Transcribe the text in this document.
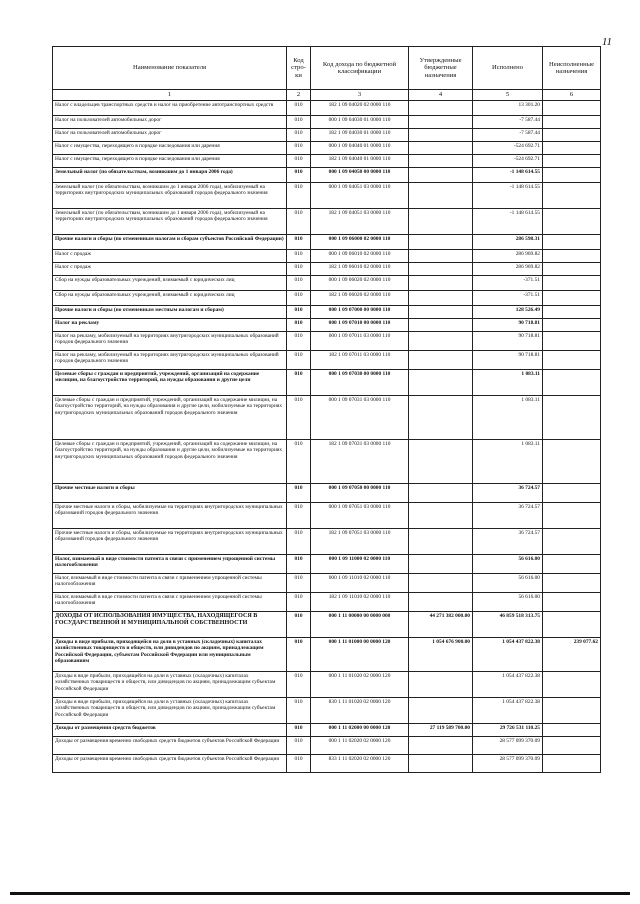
11
Наименование показателя	Код стро-ки	Код дохода по бюджетной классификации	Утвержденные бюджетные назначения	Исполнено	Неисполненные назначения
1	2	3	4	5	6
Налог с владельцев транспортных средств и налог на приобретение автотранспортных средств	010	182 1 09 04020 02 0000 110		13 301.20	
Налог на пользователей автомобильных дорог	010	000 1 09 04030 01 0000 110		-7 587.44	
Налог на пользователей автомобильных дорог	010	182 1 09 04030 01 0000 110		-7 587.44	
Налог с имущества, переходящего в порядке наследования или дарения	010	000 1 09 04040 01 0000 110		-524 692.71	
Налог с имущества, переходящего в порядке наследования или дарения	010	182 1 09 04040 01 0000 110		-524 692.71	
Земельный налог (по обязательствам, возникшим до 1 января 2006 года)	010	000 1 09 04050 00 0000 110		-1 148 614.55	
Земельный налог (по обязательствам, возникшим до 1 января 2006 года), мобилизуемый на территориях внутригородских муниципальных образований городов федерального значения	010	000 1 09 04051 03 0000 110		-1 148 614.55	
Земельный налог (по обязательствам, возникшим до 1 января 2006 года), мобилизуемый на территориях внутригородских муниципальных образований городов федерального значения	010	182 1 09 04051 03 0000 110		-1 148 614.55	
Прочие налоги и сборы (по отмененным налогам и сборам субъектов Российской Федерации)	010	000 1 09 06000 02 0000 110		286 598.31	
Налог с продаж	010	000 1 09 06010 02 0000 110		286 969.82	
Налог с продаж	010	182 1 09 06010 02 0000 110		286 969.82	
Сбор на нужды образовательных учреждений, взимаемый с юридических лиц	010	000 1 09 06020 02 0000 110		-371.51	
Сбор на нужды образовательных учреждений, взимаемый с юридических лиц	010	182 1 09 06020 02 0000 110		-371.51	
Прочие налоги и сборы (по отмененным местным налогам и сборам)	010	000 1 09 07000 00 0000 110		128 526.49	
Налог на рекламу	010	000 1 09 07010 00 0000 110		90 718.81	
Налог на рекламу, мобилизуемый на территориях внутригородских муниципальных образований городов федерального значения	010	000 1 09 07011 03 0000 110		90 718.81	
Налог на рекламу, мобилизуемый на территориях внутригородских муниципальных образований городов федерального значения	010	182 1 09 07011 03 0000 110		90 718.81	
Целевые сборы с граждан и предприятий, учреждений, организаций на содержание милиции, на благоустройство территорий, на нужды образования и другие цели	010	000 1 09 07030 00 0000 110		1 083.11	
Целевые сборы с граждан и предприятий, учреждений, организаций на содержание милиции, на благоустройство территорий, на нужды образования и другие цели, мобилизуемые на территориях внутригородских муниципальных образований городов федерального значения	010	000 1 09 07031 03 0000 110		1 083.11	
Целевые сборы с граждан и предприятий, учреждений, организаций на содержание милиции, на благоустройство территорий, на нужды образования и другие цели, мобилизуемые на территориях внутригородских муниципальных образований городов федерального значения	010	182 1 09 07031 03 0000 110		1 083.11	
Прочие местные налоги и сборы	010	000 1 09 07050 00 0000 110		36 724.57	
Прочие местные налоги и сборы, мобилизуемые на территориях внутригородских муниципальных образований городов федерального значения	010	000 1 09 07051 03 0000 110		36 724.57	
Прочие местные налоги и сборы, мобилизуемые на территориях внутригородских муниципальных образований городов федерального значения	010	182 1 09 07051 03 0000 110		36 724.57	
Налог, взимаемый в виде стоимости патента в связи с применением упрощенной системы налогообложения	010	000 1 09 11000 02 0000 110		56 616.00	
Налог, взимаемый в виде стоимости патента в связи с применением упрощенной системы налогообложения	010	000 1 09 11010 02 0000 110		56 616.00	
Налог, взимаемый в виде стоимости патента в связи с применением упрощенной системы налогообложения	010	182 1 09 11010 02 0000 110		56 616.00	
ДОХОДЫ ОТ ИСПОЛЬЗОВАНИЯ ИМУЩЕСТВА, НАХОДЯЩЕГОСЯ В ГОСУДАРСТВЕННОЙ И МУНИЦИПАЛЬНОЙ СОБСТВЕННОСТИ	010	000 1 11 00000 00 0000 000	44 271 382 000.00	46 859 518 313.75	
Доходы в виде прибыли, приходящейся на доли в уставных (складочных) капиталах хозяйственных товариществ и обществ, или дивидендов по акциям, принадлежащим Российской Федерации, субъектам Российской Федерации или муниципальным образованиям	010	000 1 11 01000 00 0000 120	1 054 676 900.00	1 054 437 822.38	239 077.62
Доходы в виде прибыли, приходящейся на доли в уставных (складочных) капиталах хозяйственных товариществ и обществ, или дивидендов по акциям, принадлежащим субъектам Российской Федерации	010	000 1 11 01020 02 0000 120		1 054 437 822.38	
Доходы в виде прибыли, приходящейся на доли в уставных (складочных) капиталах хозяйственных товариществ и обществ, или дивидендов по акциям, принадлежащим субъектам Российской Федерации	010	830 1 11 01020 02 0000 120		1 054 437 822.38	
Доходы от размещения средств бюджетов	010	000 1 11 02000 00 0000 120	27 119 589 700.00	29 726 531 110.25	
Доходы от размещения временно свободных средств бюджетов субъектов Российской Федерации	010	000 1 11 02020 02 0000 120		28 577 099 370.09	
Доходы от размещения временно свободных средств бюджетов субъектов Российской Федерации	010	833 1 11 02020 02 0000 120		28 577 099 370.09	
